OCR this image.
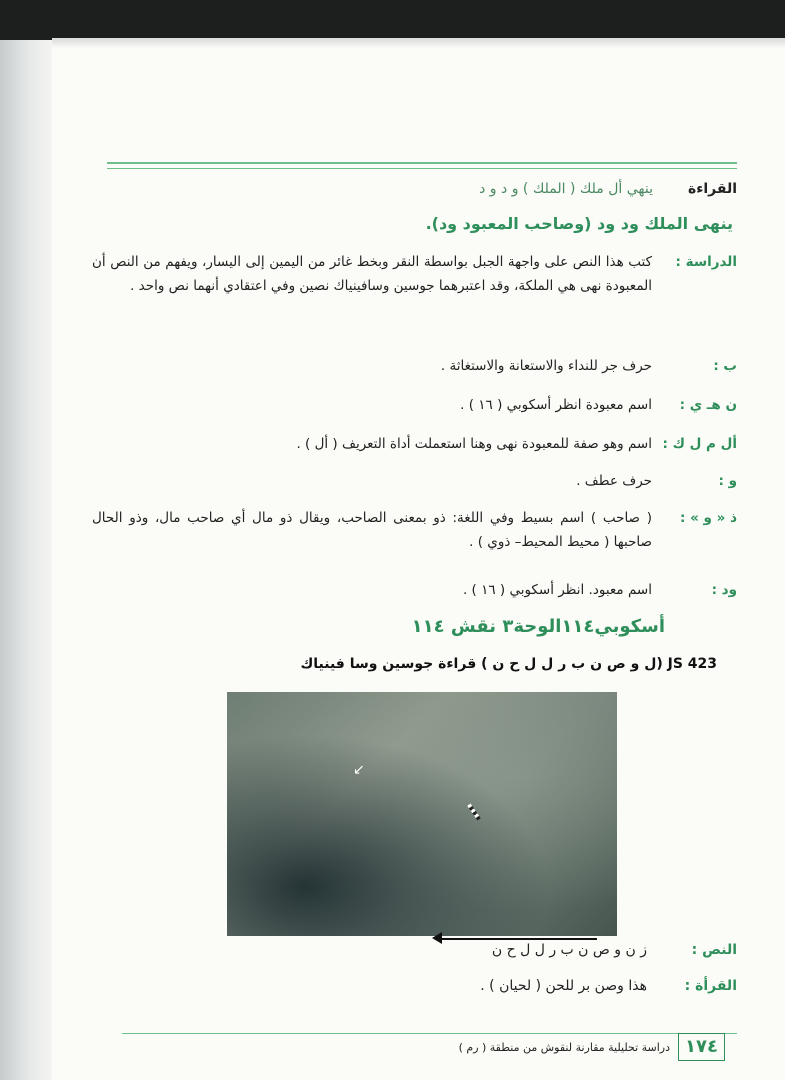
القراءة
ينهي أل ملك ( الملك ) و د و د
ينهى الملك ود ود (وصاحب المعبود ود).
الدراسة :
كتب هذا النص على واجهة الجبل بواسطة النقر وبخط غائر من اليمين إلى اليسار، ويفهم من النص أن المعبودة نهى هي الملكة، وقد اعتبرهما جوسين وسافينياك نصين وفي اعتقادي أنهما نص واحد .
ب :
حرف جر للنداء والاستعانة والاستغاثة .
ن هـ ي :
اسم معبودة انظر أسكوبي ( ١٦ ) .
أل م ل ك :
اسم وهو صفة للمعبودة نهى وهنا استعملت أداة التعريف ( أل ) .
و :
حرف عطف .
ذ « و » :
( صاحب ) اسم بسيط وفي اللغة: ذو بمعنى الصاحب، ويقال ذو مال أي صاحب مال، وذو الحال صاحبها ( محيط المحيط– ذوي ) .
ود :
اسم معبود. انظر أسكوبي ( ١٦ ) .
أسكوبي١١٤الوحة٣ نقش ١١٤
JS 423 (ل و ص ن ب ر ل ل ح ن ) قراءة جوسين وسا فينياك
↙
النص :
ز ن و ص ن ب ر ل ل ح ن
القرأة :
هذا وصن بر للحن ( لحيان ) .
١٧٤
دراسة تحليلية مقارنة لنقوش من منطقة ( رم )
